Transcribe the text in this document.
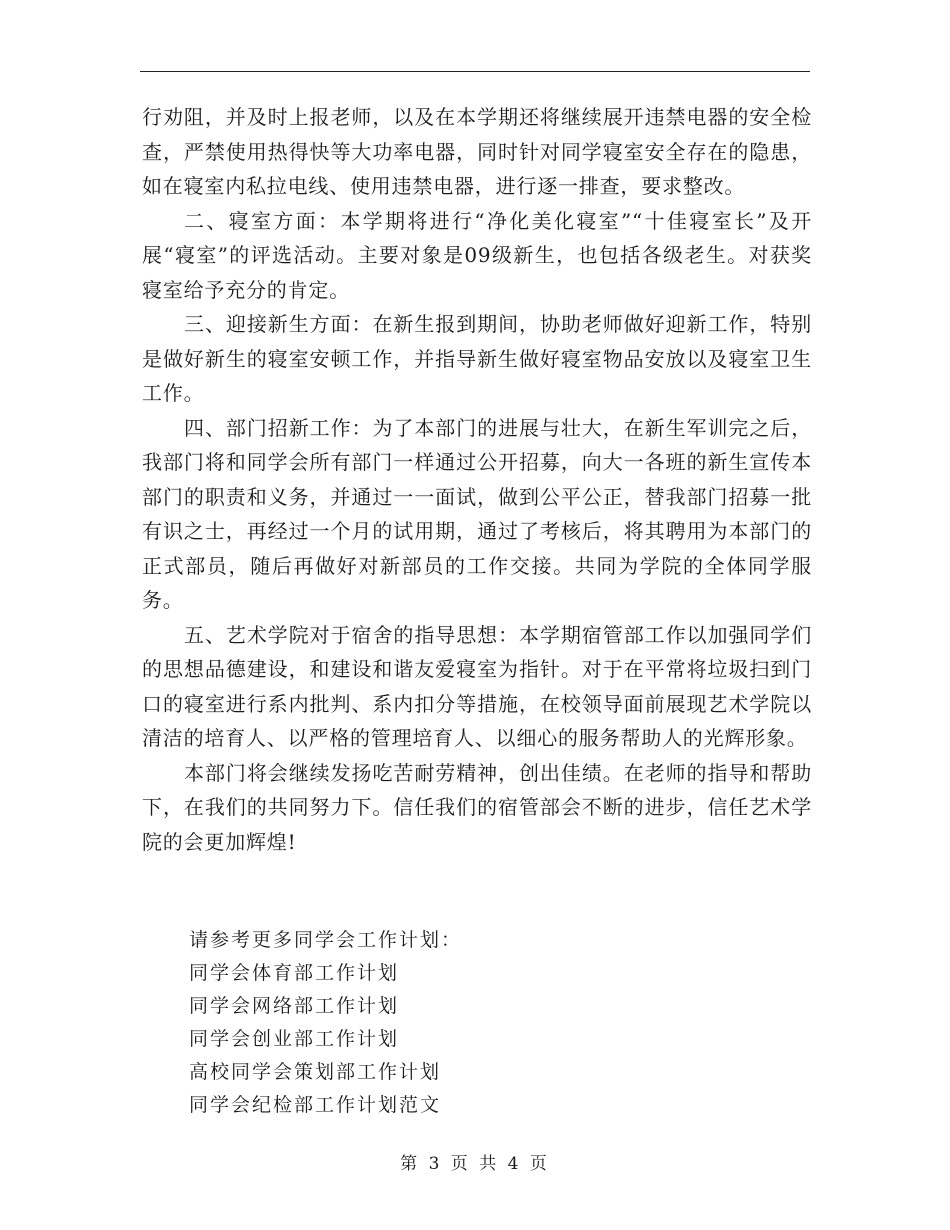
行劝阻，并及时上报老师，以及在本学期还将继续展开违禁电器的安全检查，严禁使用热得快等大功率电器，同时针对同学寝室安全存在的隐患，如在寝室内私拉电线、使用违禁电器，进行逐一排查，要求整改。

二、寝室方面：本学期将进行“净化美化寝室”“十佳寝室长”及开展“寝室”的评选活动。主要对象是09级新生，也包括各级老生。对获奖寝室给予充分的肯定。

三、迎接新生方面：在新生报到期间，协助老师做好迎新工作，特别是做好新生的寝室安顿工作，并指导新生做好寝室物品安放以及寝室卫生工作。

四、部门招新工作：为了本部门的进展与壮大，在新生军训完之后，我部门将和同学会所有部门一样通过公开招募，向大一各班的新生宣传本部门的职责和义务，并通过一一面试，做到公平公正，替我部门招募一批有识之士，再经过一个月的试用期，通过了考核后，将其聘用为本部门的正式部员，随后再做好对新部员的工作交接。共同为学院的全体同学服务。

五、艺术学院对于宿舍的指导思想：本学期宿管部工作以加强同学们的思想品德建设，和建设和谐友爱寝室为指针。对于在平常将垃圾扫到门口的寝室进行系内批判、系内扣分等措施，在校领导面前展现艺术学院以清洁的培育人、以严格的管理培育人、以细心的服务帮助人的光辉形象。

本部门将会继续发扬吃苦耐劳精神，创出佳绩。在老师的指导和帮助下，在我们的共同努力下。信任我们的宿管部会不断的进步，信任艺术学院的会更加辉煌!

请参考更多同学会工作计划：

同学会体育部工作计划
同学会网络部工作计划
同学会创业部工作计划
高校同学会策划部工作计划
同学会纪检部工作计划范文
第 3 页 共 4 页
